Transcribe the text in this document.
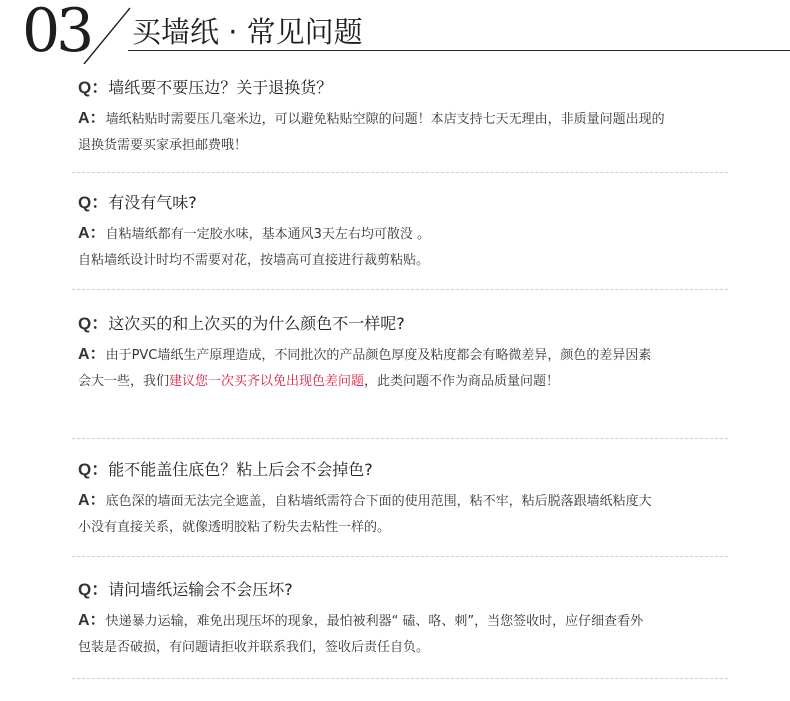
03 买墙纸 · 常见问题
Q：墙纸要不要压边？关于退换货？
A：墙纸粘贴时需要压几毫米边，可以避免粘贴空隙的问题！本店支持七天无理由，非质量问题出现的
退换货需要买家承担邮费哦！
Q：有没有气味?
A：自粘墙纸都有一定胶水味，基本通风3天左右均可散没 。
自粘墙纸设计时均不需要对花，按墙高可直接进行裁剪粘贴。
Q：这次买的和上次买的为什么颜色不一样呢?
A：由于PVC墙纸生产原理造成，不同批次的产品颜色厚度及粘度都会有略微差异，颜色的差异因素
会大一些，我们建议您一次买齐以免出现色差问题，此类问题不作为商品质量问题！
Q：能不能盖住底色？粘上后会不会掉色?
A：底色深的墙面无法完全遮盖，自粘墙纸需符合下面的使用范围，粘不牢，粘后脱落跟墙纸粘度大
小没有直接关系，就像透明胶粘了粉失去粘性一样的。
Q：请问墙纸运输会不会压坏?
A：快递暴力运输，难免出现压坏的现象，最怕被利器“ 磕、咯、刺”，当您签收时，应仔细查看外
包装是否破损，有问题请拒收并联系我们，签收后责任自负。
